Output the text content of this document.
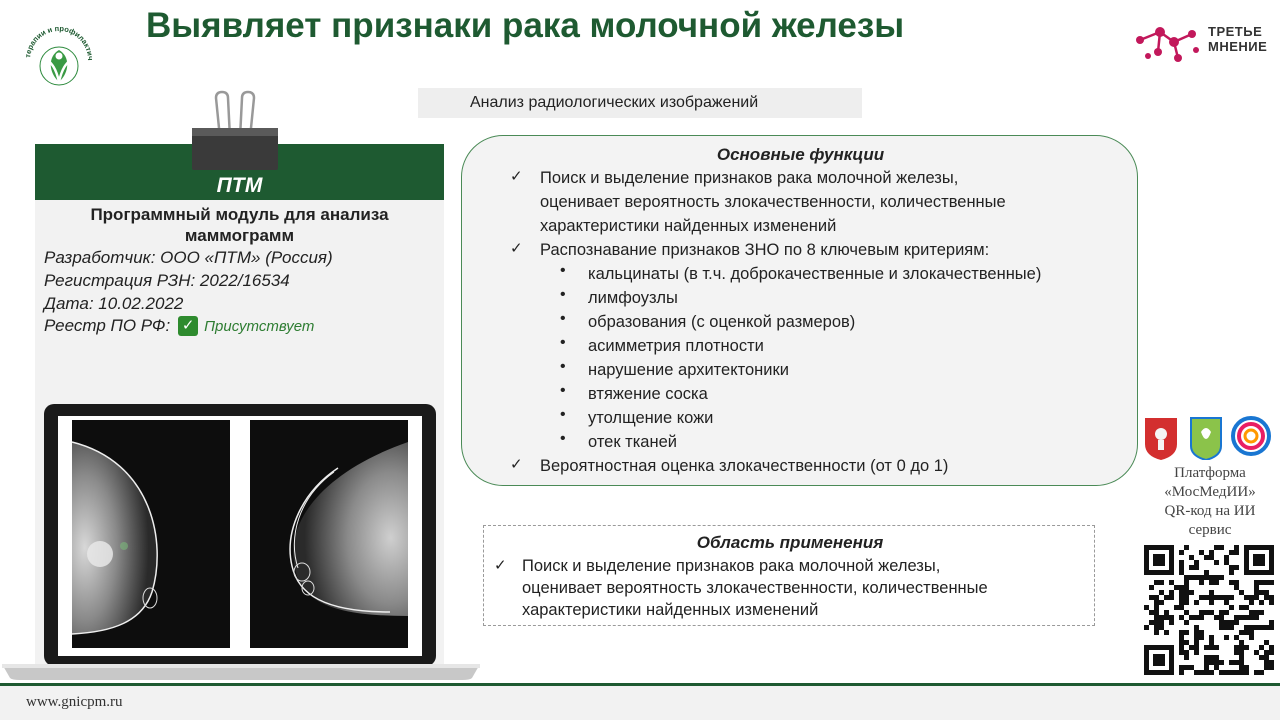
Выявляет признаки рака молочной железы
терапии и профилактич
ТРЕТЬЕ
МНЕНИЕ
Анализ радиологических изображений
ПТМ
Программный модуль для анализа
маммограмм
Разработчик: ООО «ПТМ» (Россия)
Регистрация РЗН: 2022/16534
Дата: 10.02.2022
Реестр ПО РФ: ✓ Присутствует
Основные функции
✓ Поиск и выделение признаков рака молочной железы,
оценивает вероятность злокачественности, количественные
характеристики найденных изменений
✓ Распознавание признаков ЗНО по 8 ключевым критериям:
• кальцинаты (в т.ч. доброкачественные и злокачественные)
• лимфоузлы
• образования (с оценкой размеров)
• асимметрия плотности
• нарушение архитектоники
• втяжение соска
• утолщение кожи
• отек тканей
✓ Вероятностная оценка злокачественности (от 0 до 1)
Область применения
✓ Поиск и выделение признаков рака молочной железы,
оценивает вероятность злокачественности, количественные
характеристики найденных изменений
Платформа
«МосМедИИ»
QR-код на ИИ
сервис
www.gnicpm.ru
